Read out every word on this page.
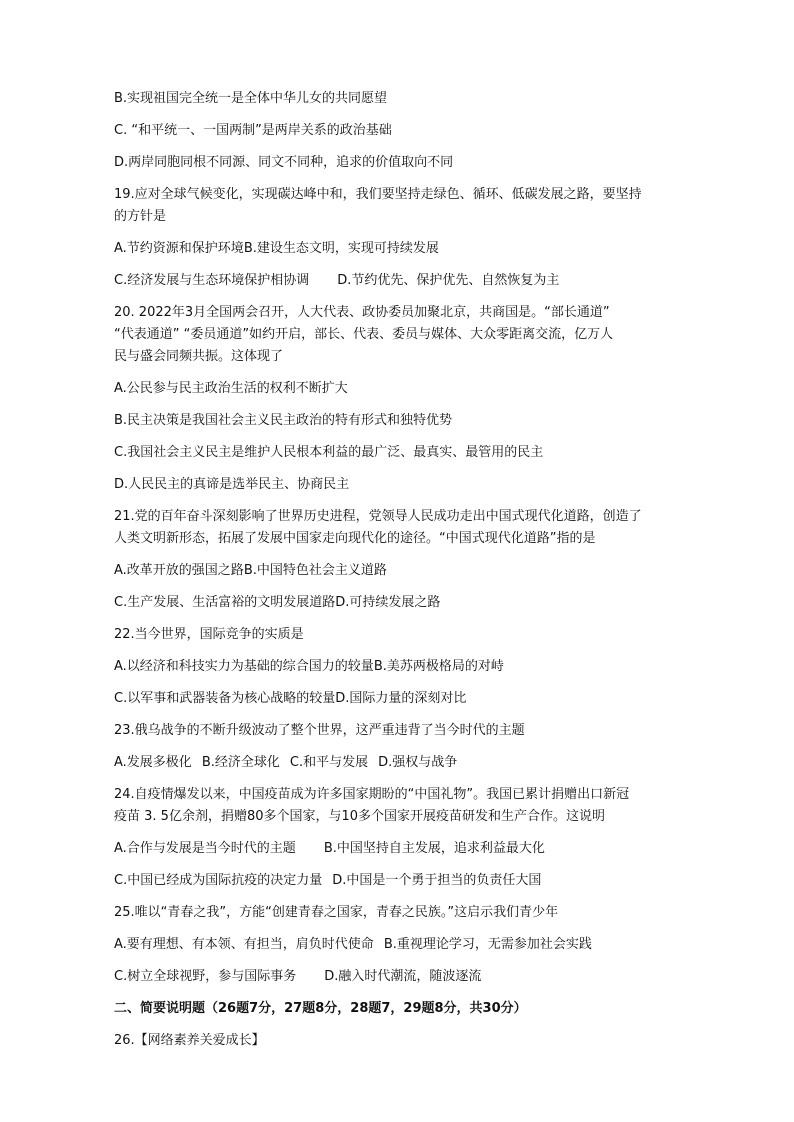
B.实现祖国完全统一是全体中华儿女的共同愿望
C. “和平统一、一国两制”是两岸关系的政治基础
D.两岸同胞同根不同源、同文不同种，追求的价值取向不同
19.应对全球气候变化，实现碳达峰中和，我们要坚持走绿色、循环、低碳发展之路，要坚持
的方针是
A.节约资源和保护环境B.建设生态文明，实现可持续发展
C.经济发展与生态环境保护相协调 D.节约优先、保护优先、自然恢复为主
20. 2022年3月全国两会召开，人大代表、政协委员加聚北京，共商国是。“部长通道”
“代表通道” “委员通道”如约开启，部长、代表、委员与媒体、大众零距离交流，亿万人
民与盛会同频共振。这体现了
A.公民参与民主政治生活的权利不断扩大
B.民主决策是我国社会主义民主政治的特有形式和独特优势
C.我国社会主义民主是维护人民根本利益的最广泛、最真实、最管用的民主
D.人民民主的真谛是选举民主、协商民主
21.党的百年奋斗深刻影响了世界历史进程，党领导人民成功走出中国式现代化道路，创造了
人类文明新形态，拓展了发展中国家走向现代化的途径。“中国式现代化道路”指的是
A.改革开放的强国之路B.中国特色社会主义道路
C.生产发展、生活富裕的文明发展道路D.可持续发展之路
22.当今世界，国际竞争的实质是
A.以经济和科技实力为基础的综合国力的较量B.美苏两极格局的对峙
C.以军事和武器装备为核心战略的较量D.国际力量的深刻对比
23.俄乌战争的不断升级波动了整个世界，这严重违背了当今时代的主题
A.发展多极化 B.经济全球化 C.和平与发展 D.强权与战争
24.自疫情爆发以来，中国疫苗成为许多国家期盼的“中国礼物”。我国已累计捐赠出口新冠
疫苗 3. 5亿余剂，捐赠80多个国家，与10多个国家开展疫苗研发和生产合作。这说明
A.合作与发展是当今时代的主题 B.中国坚持自主发展，追求利益最大化
C.中国已经成为国际抗疫的决定力量 D.中国是一个勇于担当的负责任大国
25.唯以“青春之我”，方能“创建青春之国家，青春之民族。”这启示我们青少年
A.要有理想、有本领、有担当，肩负时代使命 B.重视理论学习，无需参加社会实践
C.树立全球视野，参与国际事务 D.融入时代潮流，随波逐流
二、简要说明题（26题7分，27题8分，28题7，29题8分，共30分）
26.【网络素养关爱成长】
